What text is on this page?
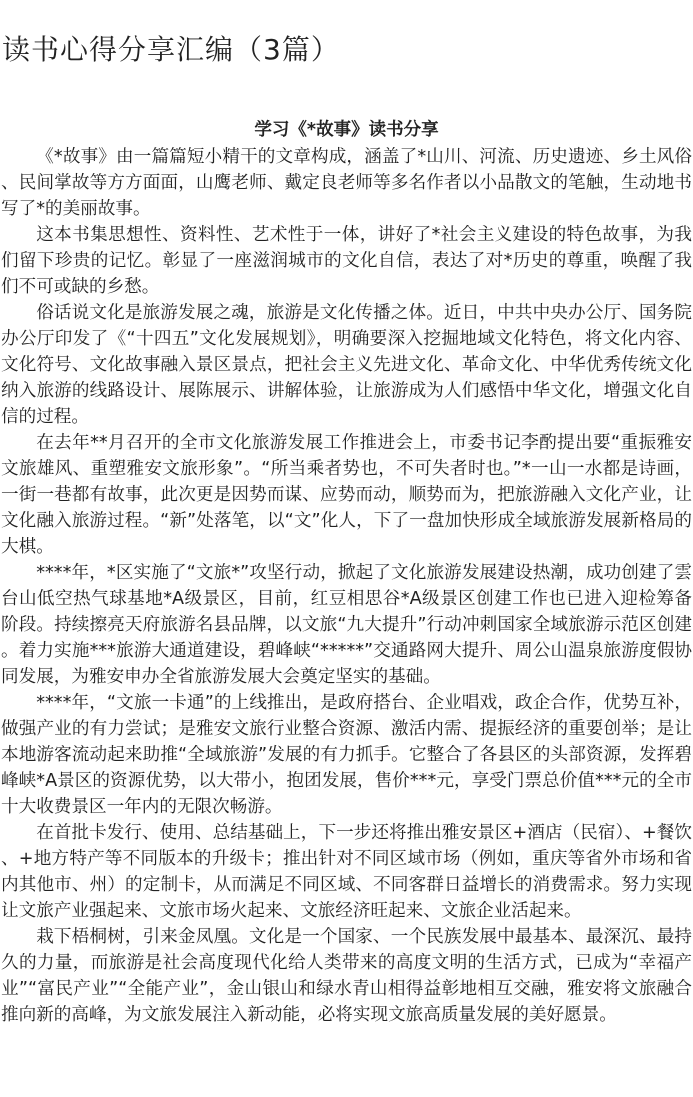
读书心得分享汇编（3篇）
学习《*故事》读书分享

《*故事》由一篇篇短小精干的文章构成，涵盖了*山川、河流、历史遗迹、乡土风俗、民间掌故等方方面面，山鹰老师、戴定良老师等多名作者以小品散文的笔触，生动地书写了*的美丽故事。

这本书集思想性、资料性、艺术性于一体，讲好了*社会主义建设的特色故事，为我们留下珍贵的记忆。彰显了一座滋润城市的文化自信，表达了对*历史的尊重，唤醒了我们不可或缺的乡愁。

俗话说文化是旅游发展之魂，旅游是文化传播之体。近日，中共中央办公厅、国务院办公厅印发了《“十四五”文化发展规划》，明确要深入挖掘地域文化特色，将文化内容、文化符号、文化故事融入景区景点，把社会主义先进文化、革命文化、中华优秀传统文化纳入旅游的线路设计、展陈展示、讲解体验，让旅游成为人们感悟中华文化，增强文化自信的过程。

在去年**月召开的全市文化旅游发展工作推进会上，市委书记李酌提出要“重振雅安文旅雄风、重塑雅安文旅形象”。“所当乘者势也，不可失者时也。”*一山一水都是诗画，一街一巷都有故事，此次更是因势而谋、应势而动，顺势而为，把旅游融入文化产业，让文化融入旅游过程。“新”处落笔，以“文”化人，下了一盘加快形成全域旅游发展新格局的大棋。

****年，*区实施了“文旅*”攻坚行动，掀起了文化旅游发展建设热潮，成功创建了雲台山低空热气球基地*A级景区，目前，红豆相思谷*A级景区创建工作也已进入迎检筹备阶段。持续擦亮天府旅游名县品牌，以文旅“九大提升”行动冲刺国家全域旅游示范区创建。着力实施***旅游大通道建设，碧峰峡“*****”交通路网大提升、周公山温泉旅游度假协同发展，为雅安申办全省旅游发展大会奠定坚实的基础。

****年，“文旅一卡通”的上线推出，是政府搭台、企业唱戏，政企合作，优势互补，做强产业的有力尝试；是雅安文旅行业整合资源、激活内需、提振经济的重要创举；是让本地游客流动起来助推“全域旅游”发展的有力抓手。它整合了各县区的头部资源，发挥碧峰峡*A景区的资源优势，以大带小，抱团发展，售价***元，享受门票总价值***元的全市十大收费景区一年内的无限次畅游。

在首批卡发行、使用、总结基础上，下一步还将推出雅安景区+酒店（民宿）、+餐饮、+地方特产等不同版本的升级卡；推出针对不同区域市场（例如，重庆等省外市场和省内其他市、州）的定制卡，从而满足不同区域、不同客群日益增长的消费需求。努力实现让文旅产业强起来、文旅市场火起来、文旅经济旺起来、文旅企业活起来。

栽下梧桐树，引来金凤凰。文化是一个国家、一个民族发展中最基本、最深沉、最持久的力量，而旅游是社会高度现代化给人类带来的高度文明的生活方式，已成为“幸福产业”“富民产业”“全能产业”，金山银山和绿水青山相得益彰地相互交融，雅安将文旅融合推向新的高峰，为文旅发展注入新动能，必将实现文旅高质量发展的美好愿景。
